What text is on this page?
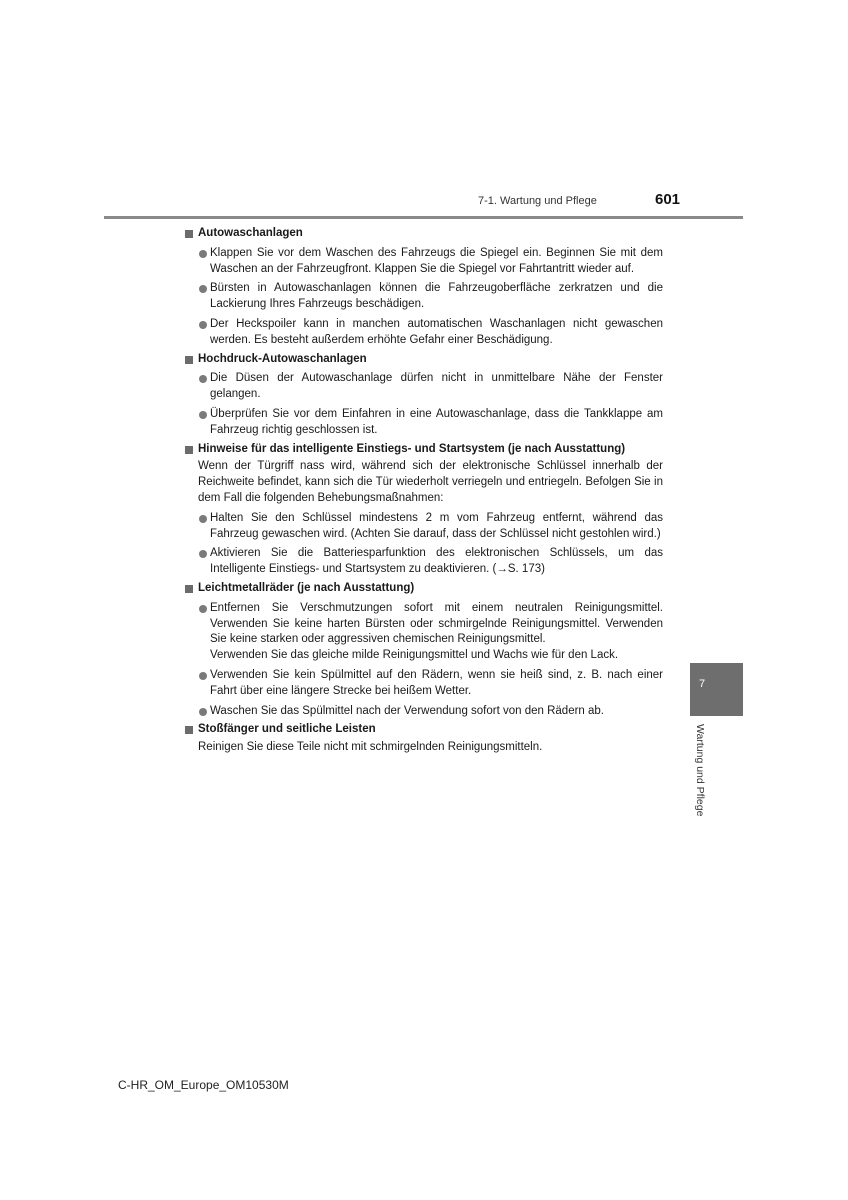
7-1. Wartung und Pflege	601
Autowaschanlagen
Klappen Sie vor dem Waschen des Fahrzeugs die Spiegel ein. Beginnen Sie mit dem Waschen an der Fahrzeugfront. Klappen Sie die Spiegel vor Fahrtantritt wieder auf.
Bürsten in Autowaschanlagen können die Fahrzeugoberfläche zerkratzen und die Lackierung Ihres Fahrzeugs beschädigen.
Der Heckspoiler kann in manchen automatischen Waschanlagen nicht gewaschen werden. Es besteht außerdem erhöhte Gefahr einer Beschädigung.
Hochdruck-Autowaschanlagen
Die Düsen der Autowaschanlage dürfen nicht in unmittelbare Nähe der Fenster gelangen.
Überprüfen Sie vor dem Einfahren in eine Autowaschanlage, dass die Tankklappe am Fahrzeug richtig geschlossen ist.
Hinweise für das intelligente Einstiegs- und Startsystem (je nach Ausstattung)
Wenn der Türgriff nass wird, während sich der elektronische Schlüssel innerhalb der Reichweite befindet, kann sich die Tür wiederholt verriegeln und entriegeln. Befolgen Sie in dem Fall die folgenden Behebungsmaßnahmen:
Halten Sie den Schlüssel mindestens 2 m vom Fahrzeug entfernt, während das Fahrzeug gewaschen wird. (Achten Sie darauf, dass der Schlüssel nicht gestohlen wird.)
Aktivieren Sie die Batteriesparfunktion des elektronischen Schlüssels, um das Intelligente Einstiegs- und Startsystem zu deaktivieren. (→S. 173)
Leichtmetallräder (je nach Ausstattung)
Entfernen Sie Verschmutzungen sofort mit einem neutralen Reinigungsmittel. Verwenden Sie keine harten Bürsten oder schmirgelnde Reinigungsmittel. Verwenden Sie keine starken oder aggressiven chemischen Reinigungsmittel.
Verwenden Sie das gleiche milde Reinigungsmittel und Wachs wie für den Lack.
Verwenden Sie kein Spülmittel auf den Rädern, wenn sie heiß sind, z. B. nach einer Fahrt über eine längere Strecke bei heißem Wetter.
Waschen Sie das Spülmittel nach der Verwendung sofort von den Rädern ab.
Stoßfänger und seitliche Leisten
Reinigen Sie diese Teile nicht mit schmirgelnden Reinigungsmitteln.
7
Wartung und Pflege
C-HR_OM_Europe_OM10530M
